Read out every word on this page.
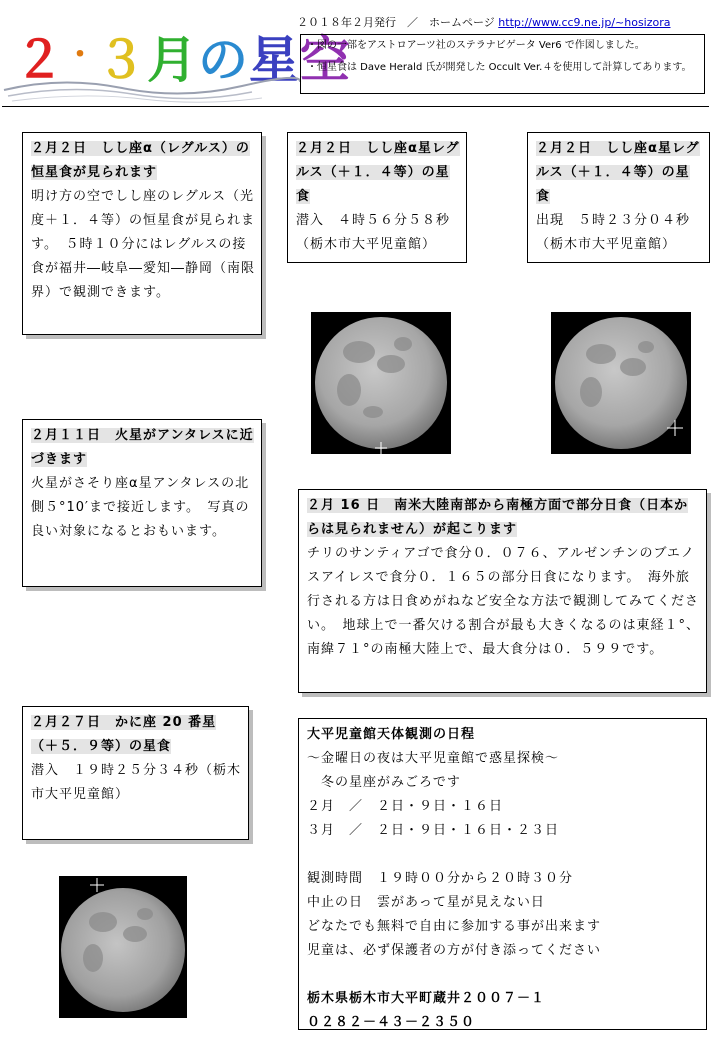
２０１８年２月発行　／　ホームページ http://www.cc9.ne.jp/~hosizora
２・３月の星空
・図の一部をアストロアーツ社のステラナビゲータ Ver6 で作図しました。
・恒星食は Dave Herald 氏が開発した Occult Ver.４を使用して計算してあります。
２月２日　しし座α（レグルス）の恒星食が見られます
明け方の空でしし座のレグルス（光度＋１．４等）の恒星食が見られます。　５時１０分にはレグルスの接食が福井―岐阜―愛知―静岡（南限界）で観測できます。
２月２日　しし座α星レグルス（＋１．４等）の星食
潜入　４時５６分５８秒
（栃木市大平児童館）
２月２日　しし座α星レグルス（＋１．４等）の星食
出現　５時２３分０４秒
（栃木市大平児童館）
２月１１日　火星がアンタレスに近づきます
火星がさそり座α星アンタレスの北側５°10′まで接近します。　写真の良い対象になるとおもいます。
２月 16 日　南米大陸南部から南極方面で部分日食（日本からは見られません）が起こります
チリのサンティアゴで食分０．０７６、アルゼンチンのブエノスアイレスで食分０．１６５の部分日食になります。　海外旅行される方は日食めがねなど安全な方法で観測してみてください。　地球上で一番欠ける割合が最も大きくなるのは東経１°、南緯７１°の南極大陸上で、最大食分は０．５９９です。
２月２７日　かに座 20 番星（＋５．９等）の星食
潜入　１９時２５分３４秒（栃木市大平児童館）
大平児童館天体観測の日程
～金曜日の夜は大平児童館で惑星探検～
　冬の星座がみごろです
２月　／　２日・９日・１６日
３月　／　２日・９日・１６日・２３日
観測時間　１９時００分から２０時３０分
中止の日　雲があって星が見えない日
どなたでも無料で自由に参加する事が出来ます
児童は、必ず保護者の方が付き添ってください
栃木県栃木市大平町蔵井２００７－１
０２８２－４３－２３５０
